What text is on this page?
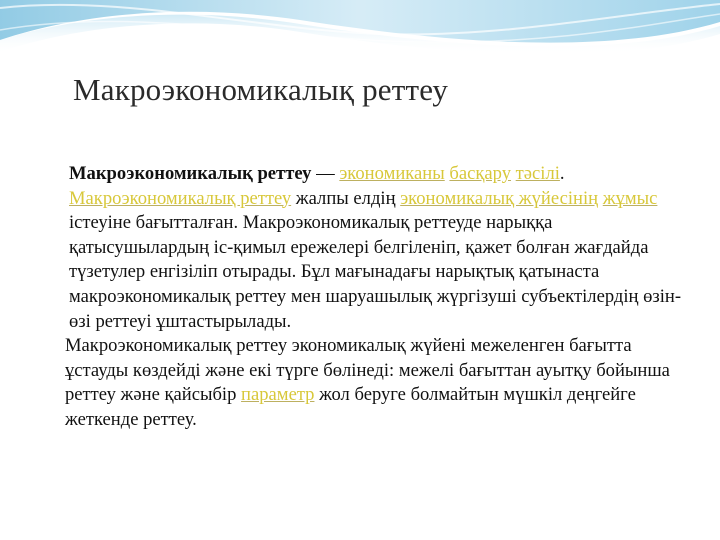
Макроэкономикалық реттеу

Макроэкономикалық реттеу — экономиканы басқару тәсілі. Макроэкономикалық реттеу жалпы елдің экономикалық жүйесінің жұмыс істеуіне бағытталған. Макроэкономикалық реттеуде нарыққа қатысушылардың іс-қимыл ережелері белгіленіп, қажет болған жағдайда түзетулер енгізіліп отырады. Бұл мағынадағы нарықтық қатынаста макроэкономикалық реттеу мен шаруашылық жүргізуші субъектілердің өзін-өзі реттеуі ұштастырылады.

Макроэкономикалық реттеу экономикалық жүйені межеленген бағытта ұстауды көздейді және екі түрге бөлінеді: межелі бағыттан ауытқу бойынша реттеу және қайсыбір параметр жол беруге болмайтын мүшкіл деңгейге жеткенде реттеу.
